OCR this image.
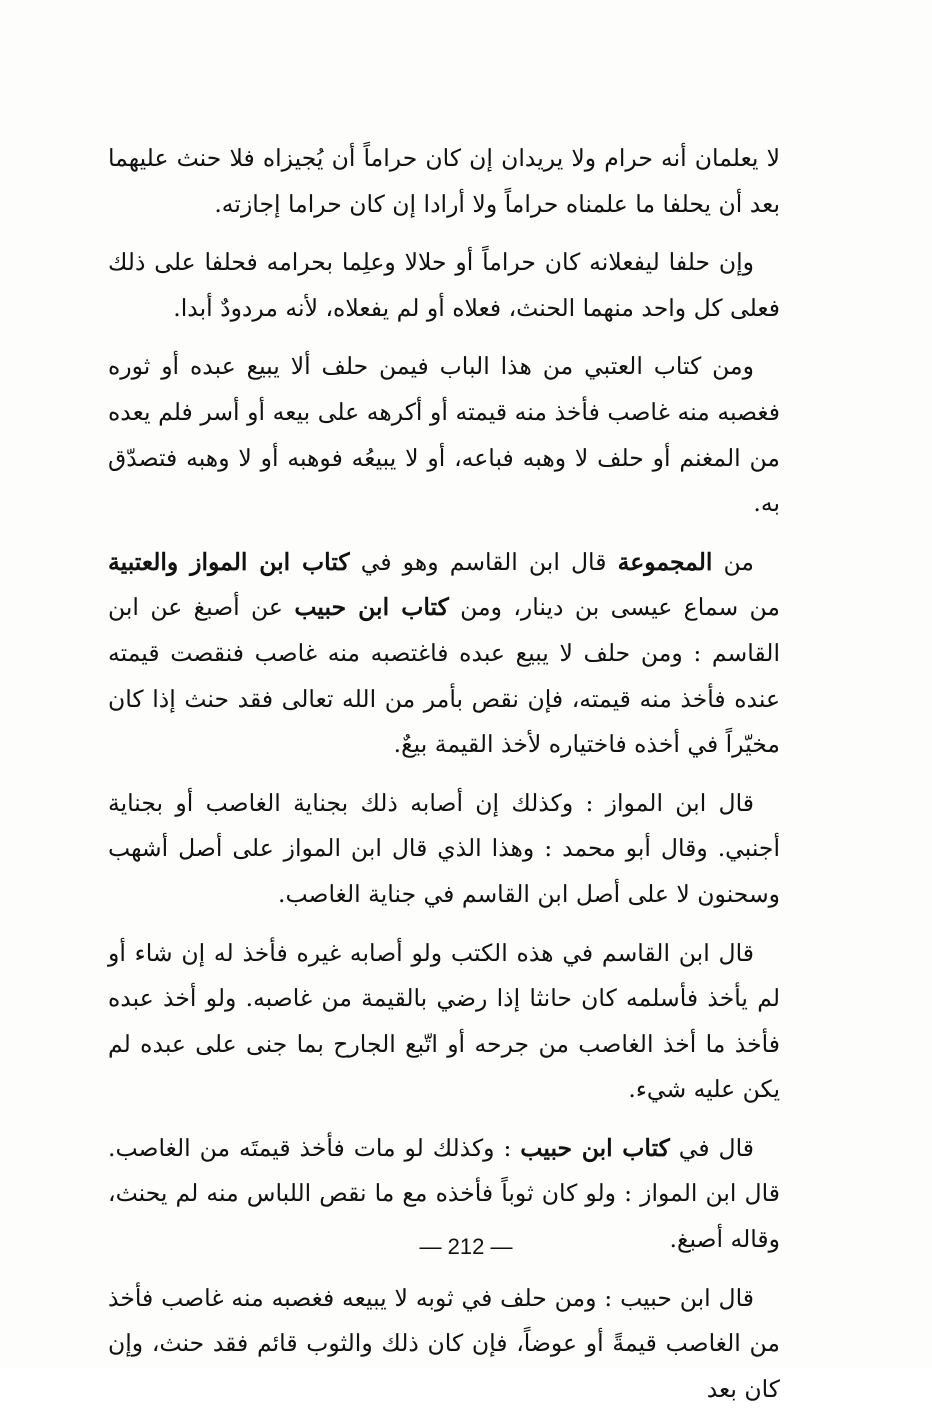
لا يعلمان أنه حرام ولا يريدان إن كان حراماً أن يُجيزاه فلا حنث عليهما بعد أن يحلفا ما علمناه حراماً ولا أرادا إن كان حراما إجازته.

وإن حلفا ليفعلانه كان حراماً أو حلالا وعلِما بحرامه فحلفا على ذلك فعلى كل واحد منهما الحنث، فعلاه أو لم يفعلاه، لأنه مردودٌ أبدا.

ومن كتاب العتبي من هذا الباب فيمن حلف ألا يبيع عبده أو ثوره فغصبه منه غاصب فأخذ منه قيمته أو أكرهه على بيعه أو أسر فلم يعده من المغنم أو حلف لا وهبه فباعه، أو لا يبيعُه فوهبه أو لا وهبه فتصدّق به.

من المجموعة قال ابن القاسم وهو في كتاب ابن المواز والعتبية من سماع عيسى بن دينار، ومن كتاب ابن حبيب عن أصبغ عن ابن القاسم : ومن حلف لا يبيع عبده فاغتصبه منه غاصب فنقصت قيمته عنده فأخذ منه قيمته، فإن نقص بأمر من الله تعالى فقد حنث إذا كان مخيّراً في أخذه فاختياره لأخذ القيمة بيعٌ.

قال ابن المواز : وكذلك إن أصابه ذلك بجناية الغاصب أو بجناية أجنبي. وقال أبو محمد : وهذا الذي قال ابن المواز على أصل أشهب وسحنون لا على أصل ابن القاسم في جناية الغاصب.

قال ابن القاسم في هذه الكتب ولو أصابه غيره فأخذ له إن شاء أو لم يأخذ فأسلمه كان حانثا إذا رضي بالقيمة من غاصبه. ولو أخذ عبده فأخذ ما أخذ الغاصب من جرحه أو اتّبع الجارح بما جنى على عبده لم يكن عليه شيء.

قال في كتاب ابن حبيب : وكذلك لو مات فأخذ قيمتَه من الغاصب. قال ابن المواز : ولو كان ثوباً فأخذه مع ما نقص اللباس منه لم يحنث، وقاله أصبغ.

قال ابن حبيب : ومن حلف في ثوبه لا يبيعه فغصبه منه غاصب فأخذ من الغاصب قيمةً أو عوضاً، فإن كان ذلك والثوب قائم فقد حنث، وإن كان بعد

— 212 —
